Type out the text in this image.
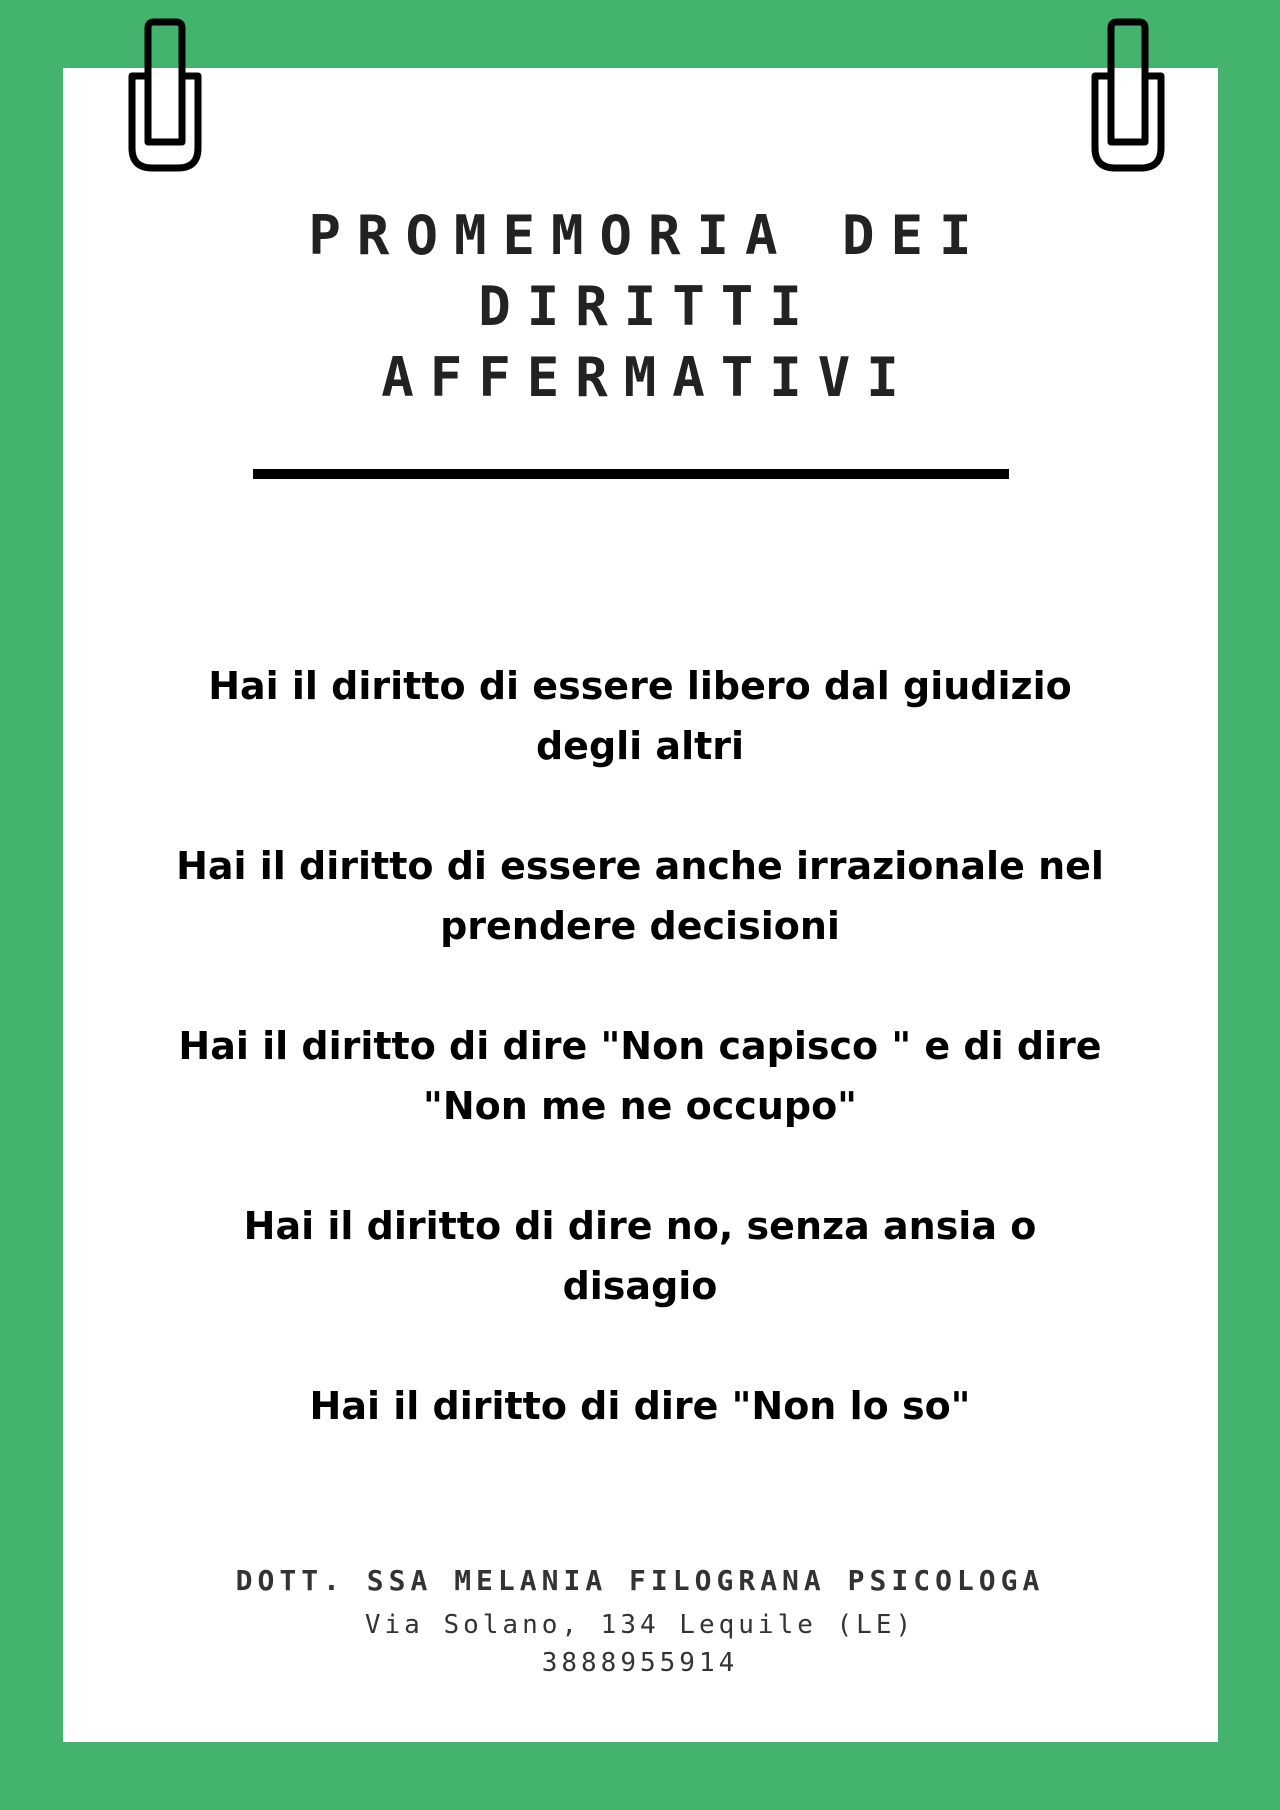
PROMEMORIA DEI
DIRITTI
AFFERMATIVI
Hai il diritto di essere libero dal giudizio degli altri
Hai il diritto di essere anche irrazionale nel prendere decisioni
Hai il diritto di dire "Non capisco " e di dire "Non me ne occupo"
Hai il diritto di dire no, senza ansia o disagio
Hai il diritto di dire "Non lo so"
DOTT. SSA MELANIA FILOGRANA PSICOLOGA
Via Solano, 134 Lequile (LE)
3888955914
